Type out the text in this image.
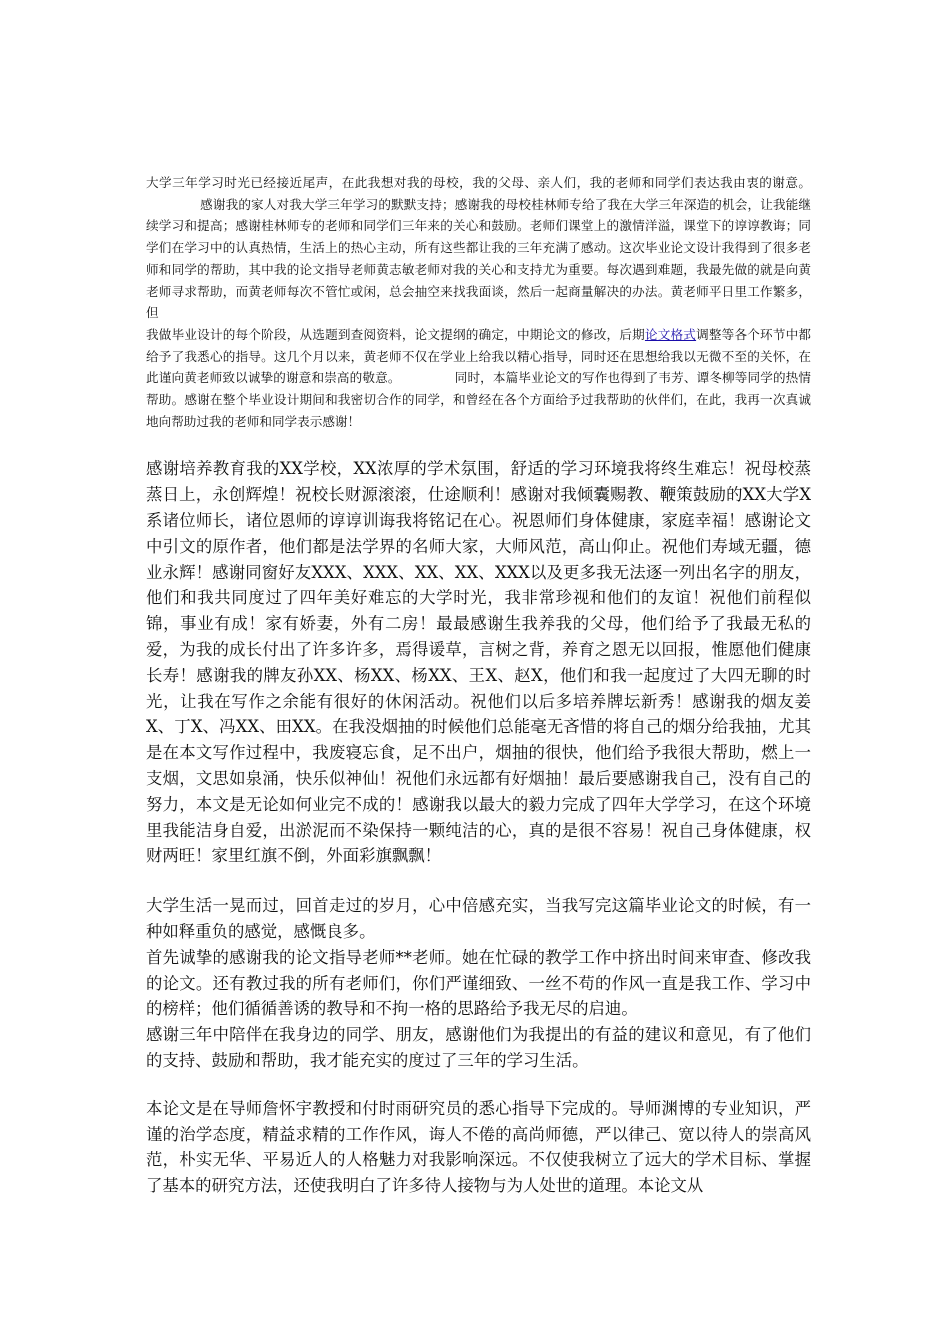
大学三年学习时光已经接近尾声，在此我想对我的母校，我的父母、亲人们，我的老师和同学们表达我由衷的谢意。感谢我的家人对我大学三年学习的默默支持；感谢我的母校桂林师专给了我在大学三年深造的机会，让我能继续学习和提高；感谢桂林师专的老师和同学们三年来的关心和鼓励。老师们课堂上的激情洋溢，课堂下的谆谆教诲；同学们在学习中的认真热情，生活上的热心主动，所有这些都让我的三年充满了感动。这次毕业论文设计我得到了很多老师和同学的帮助，其中我的论文指导老师黄志敏老师对我的关心和支持尤为重要。每次遇到难题，我最先做的就是向黄老师寻求帮助，而黄老师每次不管忙或闲，总会抽空来找我面谈，然后一起商量解决的办法。黄老师平日里工作繁多，但

我做毕业设计的每个阶段，从选题到查阅资料，论文提纲的确定，中期论文的修改，后期论文格式调整等各个环节中都给予了我悉心的指导。这几个月以来，黄老师不仅在学业上给我以精心指导，同时还在思想给我以无微不至的关怀，在此谨向黄老师致以诚挚的谢意和崇高的敬意。	同时，本篇毕业论文的写作也得到了韦芳、谭冬柳等同学的热情帮助。感谢在整个毕业设计期间和我密切合作的同学，和曾经在各个方面给予过我帮助的伙伴们，在此，我再一次真诚地向帮助过我的老师和同学表示感谢！

感谢培养教育我的XX学校，XX浓厚的学术氛围，舒适的学习环境我将终生难忘！祝母校蒸蒸日上，永创辉煌！祝校长财源滚滚，仕途顺利！感谢对我倾囊赐教、鞭策鼓励的XX大学X系诸位师长，诸位恩师的谆谆训诲我将铭记在心。祝恩师们身体健康，家庭幸福！感谢论文中引文的原作者，他们都是法学界的名师大家，大师风范，高山仰止。祝他们寿域无疆，德业永辉！感谢同窗好友XXX、XXX、XX、XX、XXX以及更多我无法逐一列出名字的朋友，他们和我共同度过了四年美好难忘的大学时光，我非常珍视和他们的友谊！祝他们前程似锦，事业有成！家有娇妻，外有二房！最最感谢生我养我的父母，他们给予了我最无私的爱，为我的成长付出了许多许多，焉得谖草，言树之背，养育之恩无以回报，惟愿他们健康长寿！感谢我的牌友孙XX、杨XX、杨XX、王X、赵X，他们和我一起度过了大四无聊的时光，让我在写作之余能有很好的休闲活动。祝他们以后多培养牌坛新秀！感谢我的烟友姜X、丁X、冯XX、田XX。在我没烟抽的时候他们总能毫无吝惜的将自己的烟分给我抽，尤其是在本文写作过程中，我废寝忘食，足不出户，烟抽的很快，他们给予我很大帮助，燃上一支烟，文思如泉涌，快乐似神仙！祝他们永远都有好烟抽！最后要感谢我自己，没有自己的努力，本文是无论如何业完不成的！感谢我以最大的毅力完成了四年大学学习，在这个环境里我能洁身自爱，出淤泥而不染保持一颗纯洁的心，真的是很不容易！祝自己身体健康，权财两旺！家里红旗不倒，外面彩旗飘飘！

大学生活一晃而过，回首走过的岁月，心中倍感充实，当我写完这篇毕业论文的时候，有一种如释重负的感觉，感慨良多。

首先诚挚的感谢我的论文指导老师**老师。她在忙碌的教学工作中挤出时间来审查、修改我的论文。还有教过我的所有老师们，你们严谨细致、一丝不苟的作风一直是我工作、学习中的榜样；他们循循善诱的教导和不拘一格的思路给予我无尽的启迪。

感谢三年中陪伴在我身边的同学、朋友，感谢他们为我提出的有益的建议和意见，有了他们的支持、鼓励和帮助，我才能充实的度过了三年的学习生活。

本论文是在导师詹怀宇教授和付时雨研究员的悉心指导下完成的。导师渊博的专业知识，严谨的治学态度，精益求精的工作作风，诲人不倦的高尚师德，严以律己、宽以待人的崇高风范，朴实无华、平易近人的人格魅力对我影响深远。不仅使我树立了远大的学术目标、掌握了基本的研究方法，还使我明白了许多待人接物与为人处世的道理。本论文从
